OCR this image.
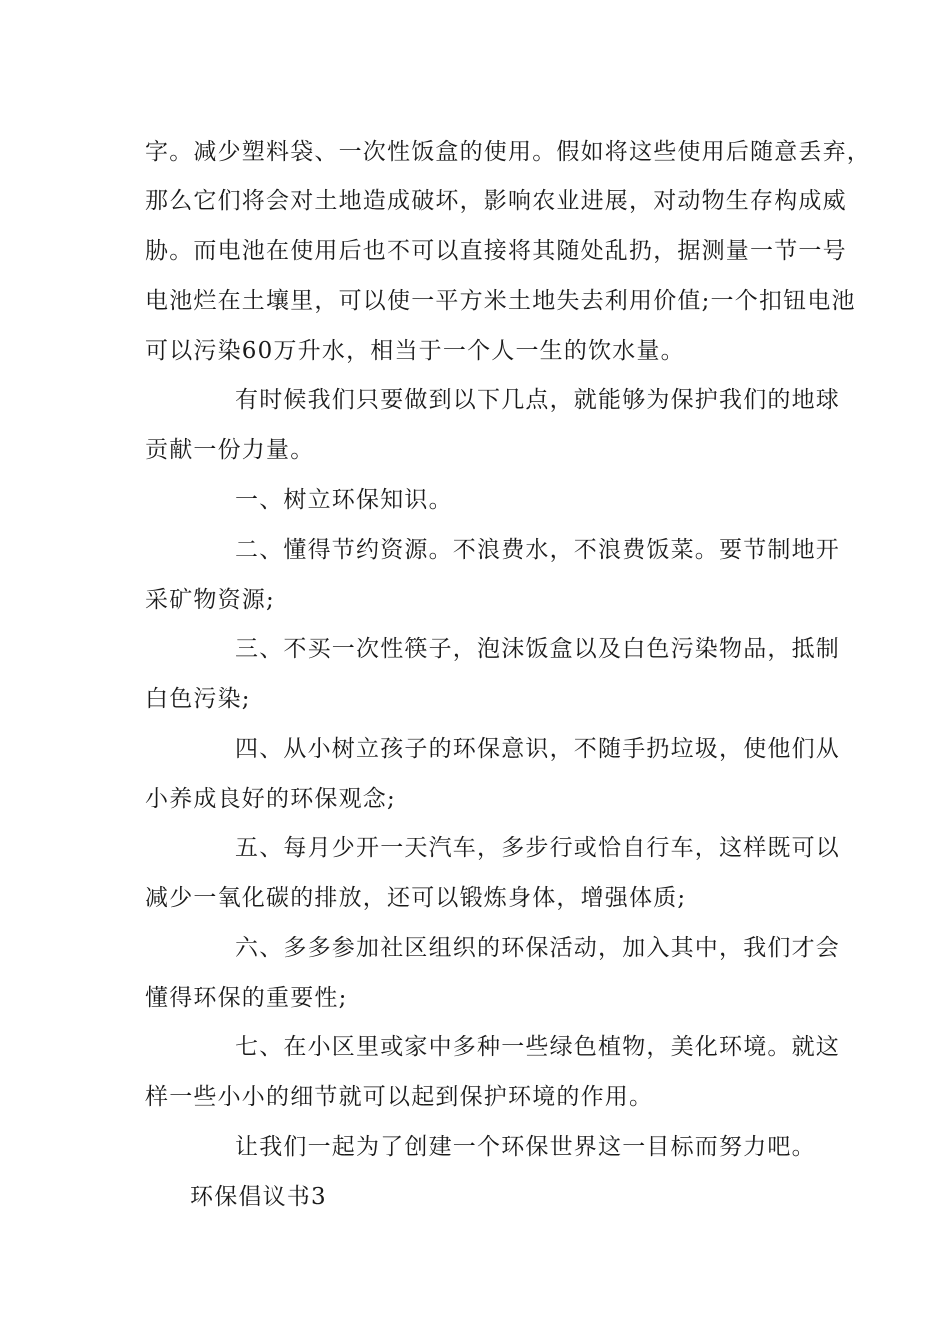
字。减少塑料袋、一次性饭盒的使用。假如将这些使用后随意丢弃，
那么它们将会对土地造成破坏，影响农业进展，对动物生存构成威
胁。而电池在使用后也不可以直接将其随处乱扔，据测量一节一号
电池烂在土壤里，可以使一平方米土地失去利用价值;一个扣钮电池
可以污染60万升水，相当于一个人一生的饮水量。
有时候我们只要做到以下几点，就能够为保护我们的地球
贡献一份力量。
一、树立环保知识。
二、懂得节约资源。不浪费水，不浪费饭菜。要节制地开
采矿物资源;
三、不买一次性筷子，泡沫饭盒以及白色污染物品，抵制
白色污染;
四、从小树立孩子的环保意识，不随手扔垃圾，使他们从
小养成良好的环保观念;
五、每月少开一天汽车，多步行或恰自行车，这样既可以
减少一氧化碳的排放，还可以锻炼身体，增强体质;
六、多多参加社区组织的环保活动，加入其中，我们才会
懂得环保的重要性;
七、在小区里或家中多种一些绿色植物，美化环境。就这
样一些小小的细节就可以起到保护环境的作用。
让我们一起为了创建一个环保世界这一目标而努力吧。
环保倡议书3
